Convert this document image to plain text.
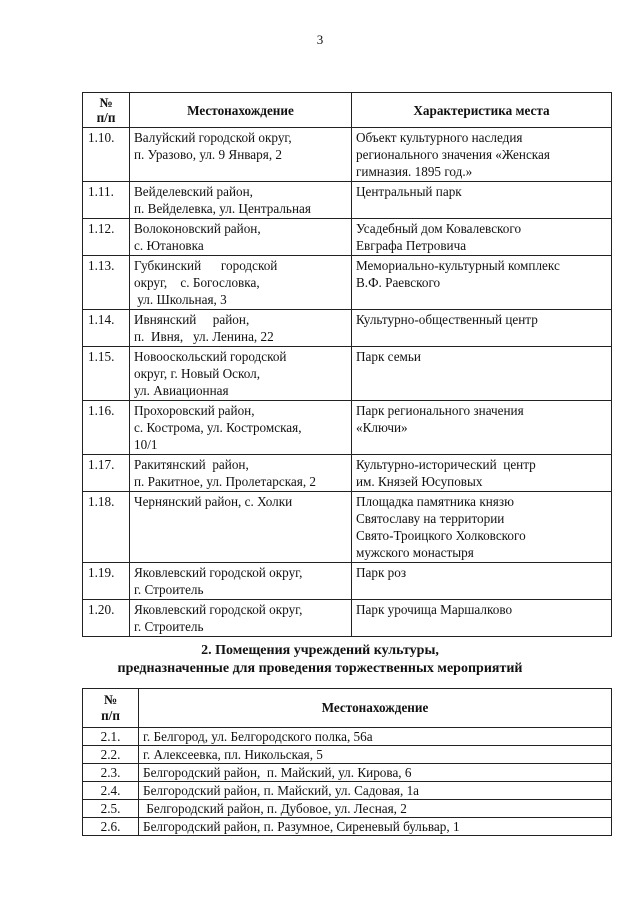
3
№
п/п	Местонахождение	Характеристика места
1.10.	Валуйский городской округ,
п. Уразово, ул. 9 Января, 2	Объект культурного наследия
регионального значения «Женская
гимназия. 1895 год.»

1.11.	Вейделевский район,
п. Вейделевка, ул. Центральная	Центральный парк

1.12.	Волоконовский район,
с. Ютановка	Усадебный дом Ковалевского
Евграфа Петровича

1.13.	Губкинский      городской
округ,    с. Богословка,
ул. Школьная, 3	Мемориально-культурный комплекс
В.Ф. Раевского

1.14.	Ивнянский     район,
п.  Ивня,   ул. Ленина, 22	Культурно-общественный центр

1.15.	Новооскольский городской
округ, г. Новый Оскол,
ул. Авиационная	Парк семьи

1.16.	Прохоровский район,
с. Кострома, ул. Костромская,
10/1	Парк регионального значения
«Ключи»

1.17.	Ракитянский  район,
п. Ракитное, ул. Пролетарская, 2	Культурно-исторический  центр
им. Князей Юсуповых

1.18.	Чернянский район, с. Холки	Площадка памятника князю
Святославу на территории
Свято-Троицкого Холковского
мужского монастыря

1.19.	Яковлевский городской округ,
г. Строитель	Парк роз

1.20.	Яковлевский городской округ,
г. Строитель	Парк урочища Маршалково
2. Помещения учреждений культуры,
предназначенные для проведения торжественных мероприятий
№
п/п	Местонахождение
2.1.	г. Белгород, ул. Белгородского полка, 56а
2.2.	г. Алексеевка, пл. Никольская, 5
2.3.	Белгородский район,  п. Майский, ул. Кирова, 6
2.4.	Белгородский район, п. Майский, ул. Садовая, 1а
2.5.	Белгородский район, п. Дубовое, ул. Лесная, 2
2.6.	Белгородский район, п. Разумное, Сиреневый бульвар, 1
